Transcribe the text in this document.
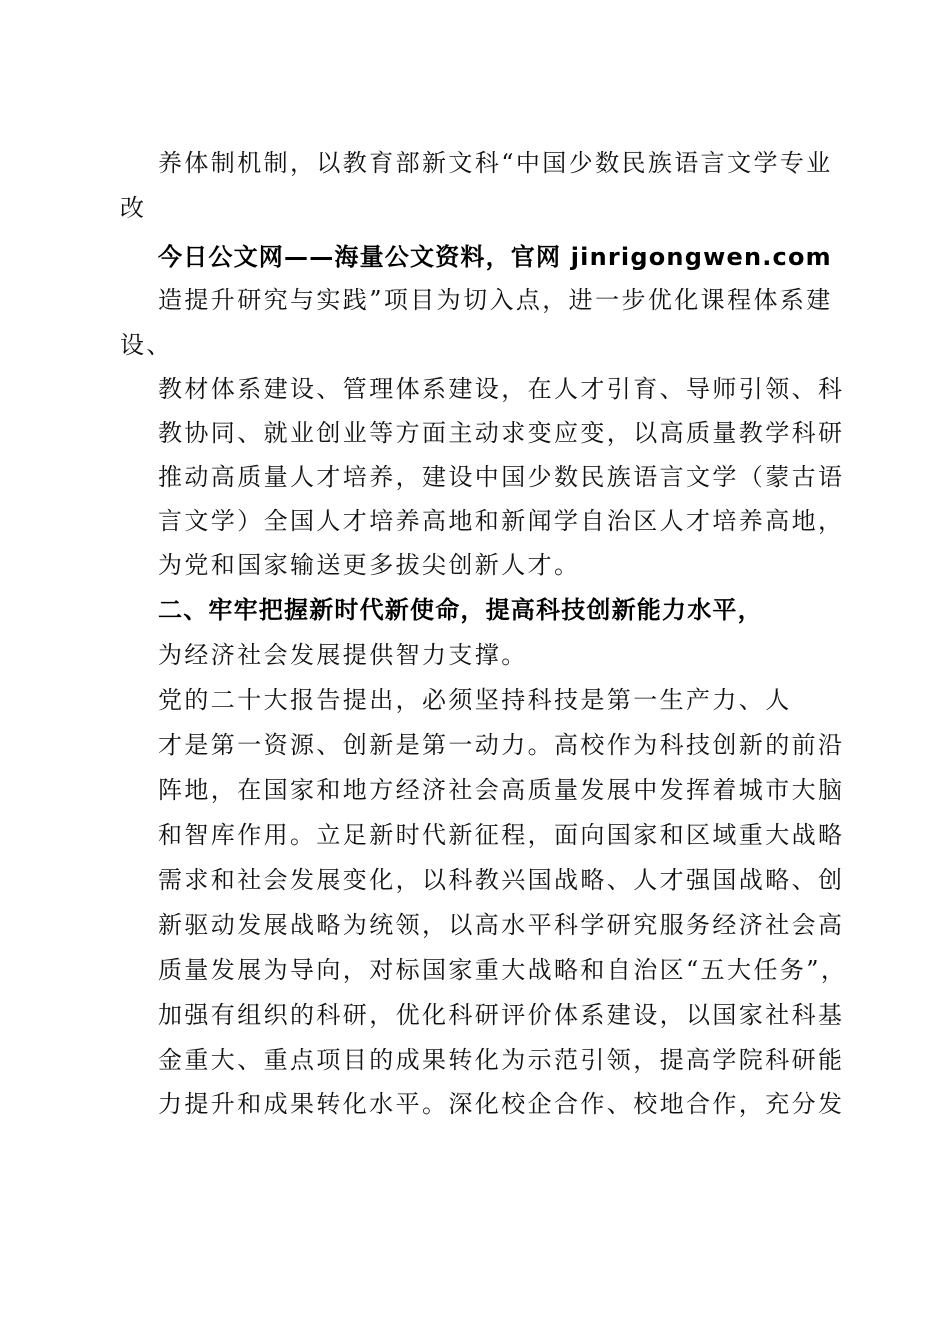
养体制机制，以教育部新文科“中国少数民族语言文学专业
改
今日公文网——海量公文资料，官网 jinrigongwen.com
造提升研究与实践”项目为切入点，进一步优化课程体系建
设、
教材体系建设、管理体系建设，在人才引育、导师引领、科
教协同、就业创业等方面主动求变应变，以高质量教学科研
推动高质量人才培养，建设中国少数民族语言文学（蒙古语
言文学）全国人才培养高地和新闻学自治区人才培养高地，
为党和国家输送更多拔尖创新人才。
二、牢牢把握新时代新使命，提高科技创新能力水平，
为经济社会发展提供智力支撑。
党的二十大报告提出，必须坚持科技是第一生产力、人
才是第一资源、创新是第一动力。高校作为科技创新的前沿
阵地，在国家和地方经济社会高质量发展中发挥着城市大脑
和智库作用。立足新时代新征程，面向国家和区域重大战略
需求和社会发展变化，以科教兴国战略、人才强国战略、创
新驱动发展战略为统领，以高水平科学研究服务经济社会高
质量发展为导向，对标国家重大战略和自治区“五大任务”，
加强有组织的科研，优化科研评价体系建设，以国家社科基
金重大、重点项目的成果转化为示范引领，提高学院科研能
力提升和成果转化水平。深化校企合作、校地合作，充分发
